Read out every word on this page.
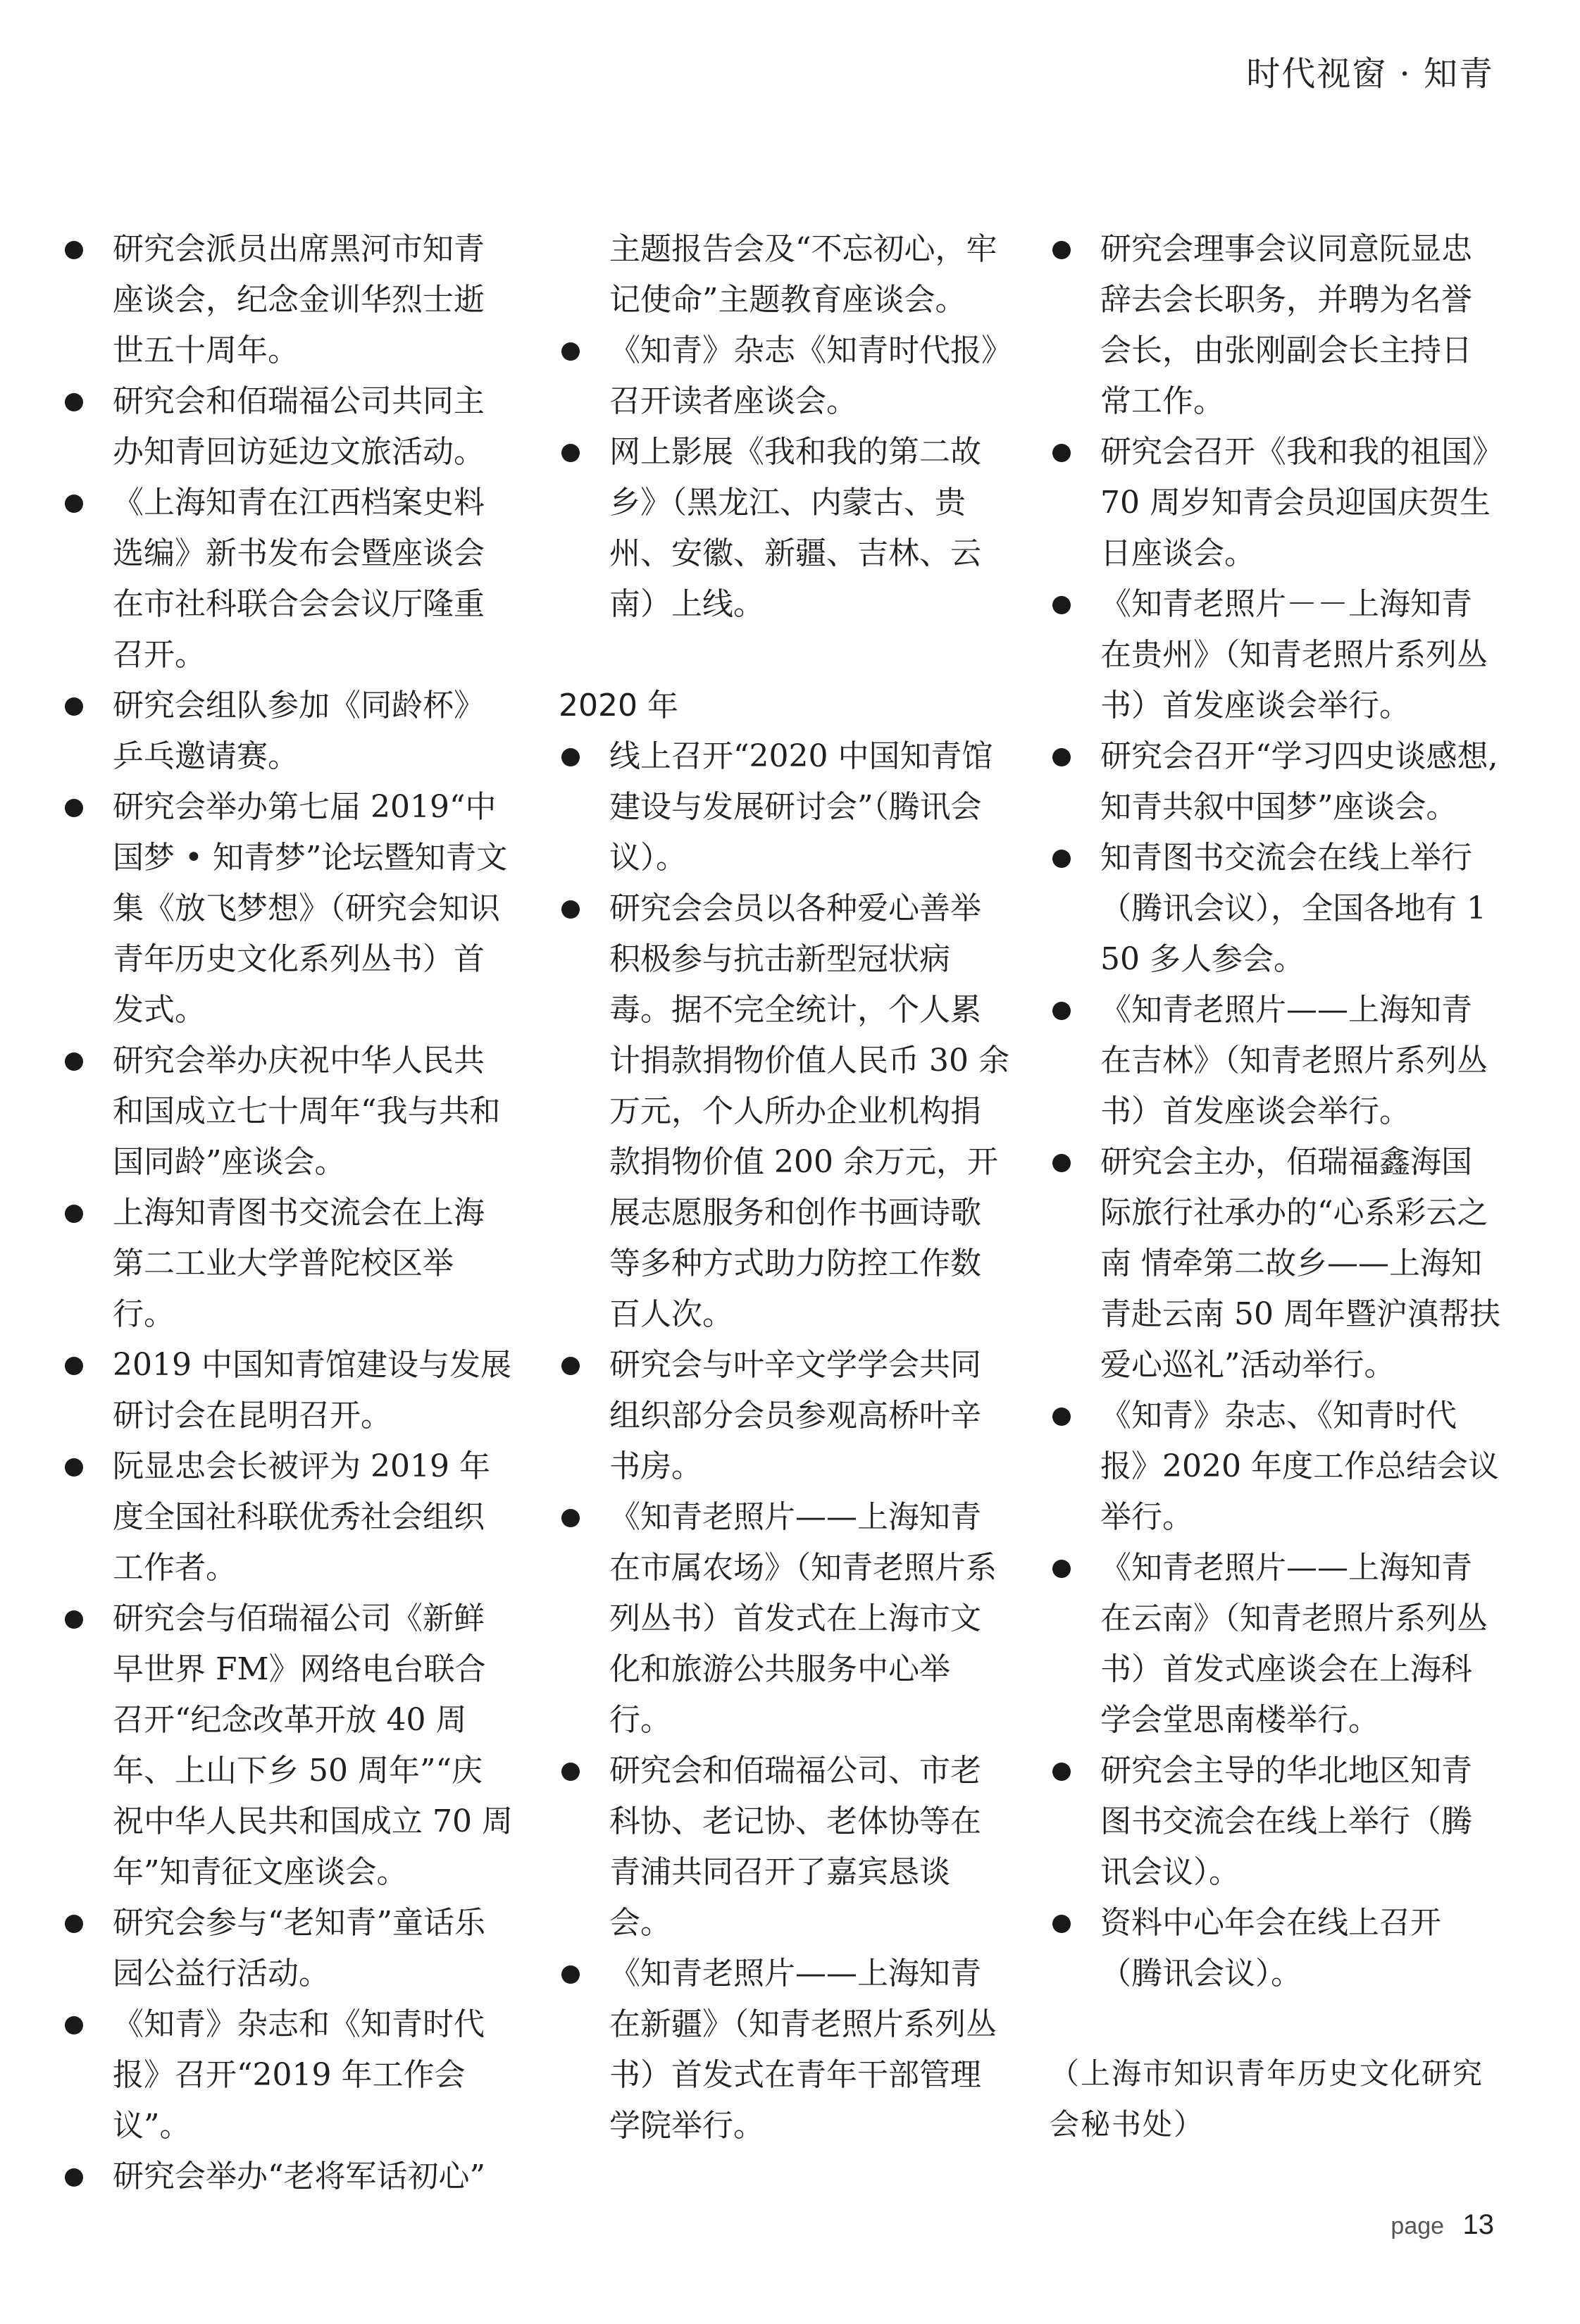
时代视窗 · 知青
研究会派员出席黑河市知青座谈会，纪念金训华烈士逝世五十周年。
研究会和佰瑞福公司共同主办知青回访延边文旅活动。
《上海知青在江西档案史料选编》新书发布会暨座谈会在市社科联合会会议厅隆重召开。
研究会组队参加《同龄杯》乒乓邀请赛。
研究会举办第七届 2019“中国梦 • 知青梦”论坛暨知青文集《放飞梦想》（研究会知识青年历史文化系列丛书）首发式。
研究会举办庆祝中华人民共和国成立七十周年“我与共和国同龄”座谈会。
上海知青图书交流会在上海第二工业大学普陀校区举行。
2019 中国知青馆建设与发展研讨会在昆明召开。
阮显忠会长被评为 2019 年度全国社科联优秀社会组织工作者。
研究会与佰瑞福公司《新鲜早世界 FM》网络电台联合召开“纪念改革开放 40 周年、上山下乡 50 周年”“庆祝中华人民共和国成立 70 周年”知青征文座谈会。
研究会参与“老知青”童话乐园公益行活动。
《知青》杂志和《知青时代报》召开“2019 年工作会议”。
研究会举办“老将军话初心”
主题报告会及“不忘初心，牢记使命”主题教育座谈会。
《知青》杂志《知青时代报》召开读者座谈会。
网上影展《我和我的第二故乡》（黑龙江、内蒙古、贵州、安徽、新疆、吉林、云南）上线。
2020 年
线上召开“2020 中国知青馆建设与发展研讨会”（腾讯会议）。
研究会会员以各种爱心善举积极参与抗击新型冠状病毒。据不完全统计，个人累计捐款捐物价值人民币 30 余万元，个人所办企业机构捐款捐物价值 200 余万元，开展志愿服务和创作书画诗歌等多种方式助力防控工作数百人次。
研究会与叶辛文学学会共同组织部分会员参观高桥叶辛书房。
《知青老照片——上海知青在市属农场》（知青老照片系列丛书）首发式在上海市文化和旅游公共服务中心举行。
研究会和佰瑞福公司、市老科协、老记协、老体协等在青浦共同召开了嘉宾恳谈会。
《知青老照片——上海知青在新疆》（知青老照片系列丛书）首发式在青年干部管理学院举行。
研究会理事会议同意阮显忠辞去会长职务，并聘为名誉会长，由张刚副会长主持日常工作。
研究会召开《我和我的祖国》70 周岁知青会员迎国庆贺生日座谈会。
《知青老照片－－上海知青在贵州》（知青老照片系列丛书）首发座谈会举行。
研究会召开“学习四史谈感想,知青共叙中国梦”座谈会。
知青图书交流会在线上举行（腾讯会议），全国各地有 150 多人参会。
《知青老照片——上海知青在吉林》（知青老照片系列丛书）首发座谈会举行。
研究会主办，佰瑞福鑫海国际旅行社承办的“心系彩云之南 情牵第二故乡——上海知青赴云南 50 周年暨沪滇帮扶爱心巡礼”活动举行。
《知青》杂志、《知青时代报》2020 年度工作总结会议举行。
《知青老照片——上海知青在云南》（知青老照片系列丛书）首发式座谈会在上海科学会堂思南楼举行。
研究会主导的华北地区知青图书交流会在线上举行（腾讯会议）。
资料中心年会在线上召开（腾讯会议）。
（上海市知识青年历史文化研究会秘书处）
page 13
